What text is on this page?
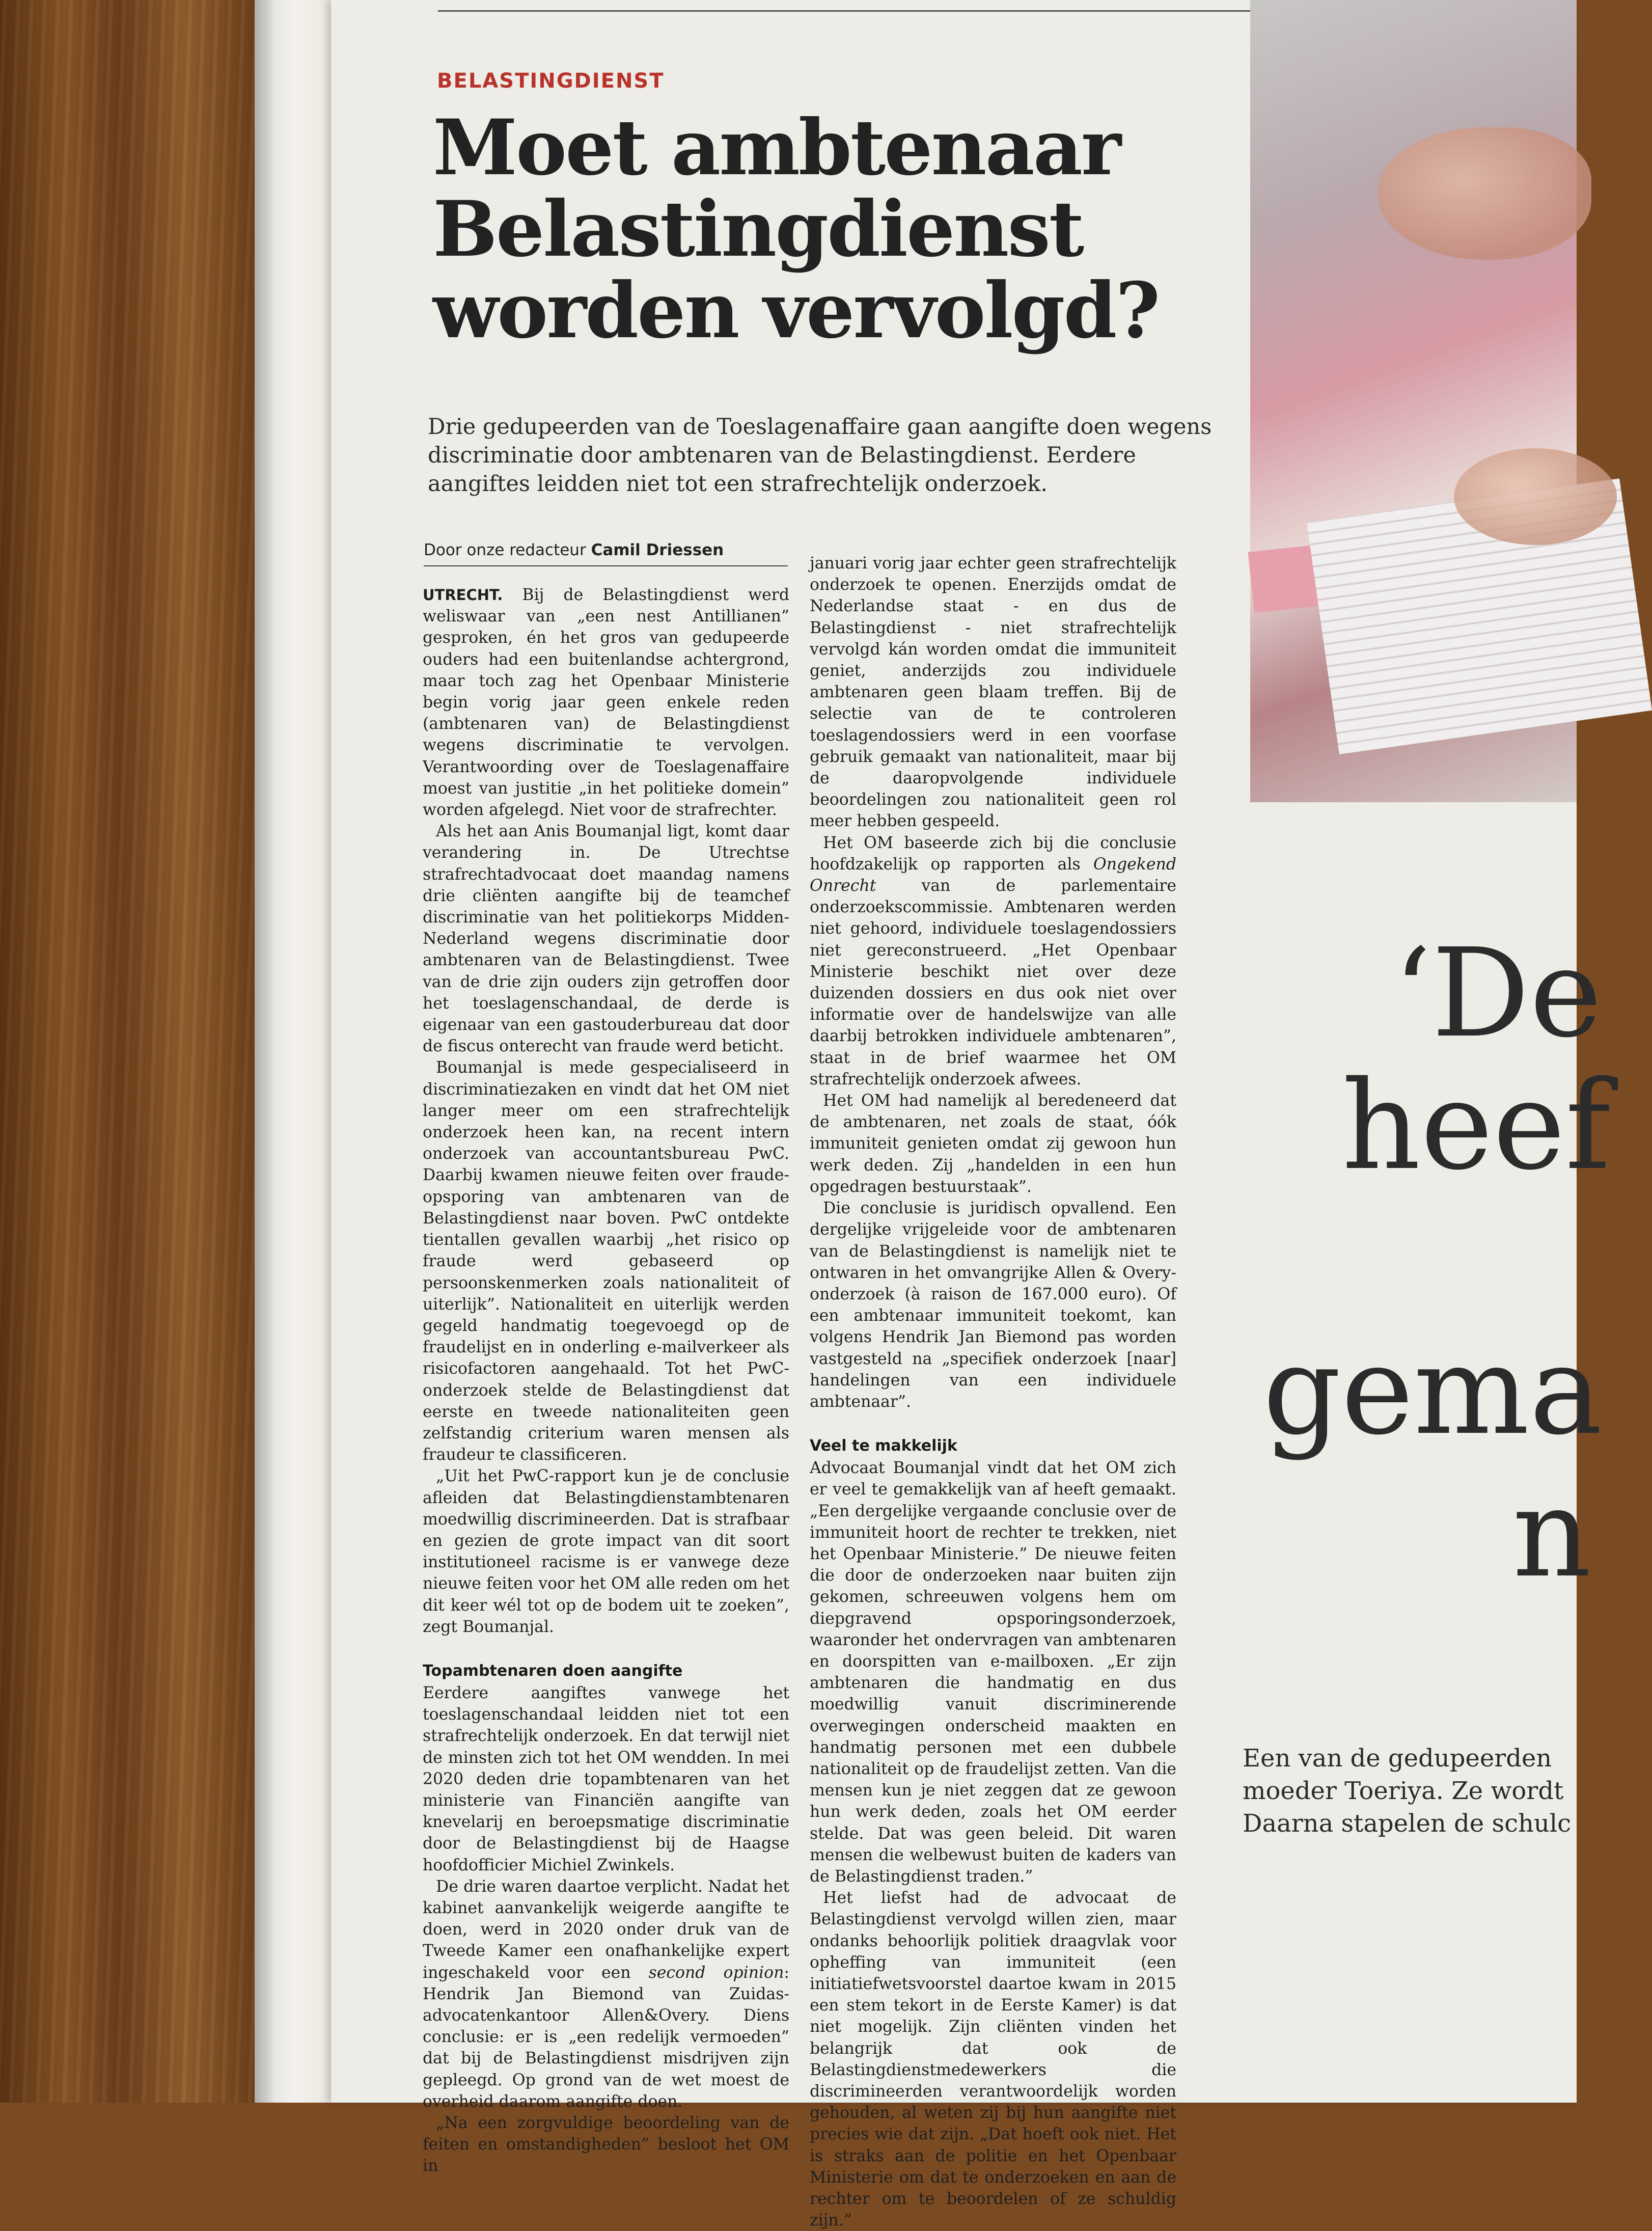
BELASTINGDIENST
Moet ambtenaar
Belastingdienst
worden vervolgd?
Drie gedupeerden van de Toeslagenaffaire gaan aangifte doen wegens
discriminatie door ambtenaren van de Belastingdienst. Eerdere
aangiftes leidden niet tot een strafrechtelijk onderzoek.
Door onze redacteur Camil Driessen

UTRECHT. Bij de Belastingdienst werd weliswaar van „een nest Antillianen” gesproken, én het gros van gedupeerde ouders had een buitenlandse achtergrond, maar toch zag het Openbaar Ministerie begin vorig jaar geen enkele reden (ambtenaren van) de Belastingdienst wegens discriminatie te vervolgen. Verantwoording over de Toeslagenaffaire moest van justitie „in het politieke domein” worden afgelegd. Niet voor de strafrechter.

Als het aan Anis Boumanjal ligt, komt daar verandering in. De Utrechtse strafrechtadvocaat doet maandag namens drie cliënten aangifte bij de teamchef discriminatie van het politiekorps Midden-Nederland wegens discriminatie door ambtenaren van de Belastingdienst. Twee van de drie zijn ouders zijn getroffen door het toeslagenschandaal, de derde is eigenaar van een gastouderbureau dat door de fiscus onterecht van fraude werd beticht.

Boumanjal is mede gespecialiseerd in discriminatiezaken en vindt dat het OM niet langer meer om een strafrechtelijk onderzoek heen kan, na recent intern onderzoek van accountantsbureau PwC. Daarbij kwamen nieuwe feiten over fraude-opsporing van ambtenaren van de Belastingdienst naar boven. PwC ontdekte tientallen gevallen waarbij „het risico op fraude werd gebaseerd op persoonskenmerken zoals nationaliteit of uiterlijk”. Nationaliteit en uiterlijk werden gegeld handmatig toegevoegd op de fraudelijst en in onderling e-mailverkeer als risicofactoren aangehaald. Tot het PwC-onderzoek stelde de Belastingdienst dat eerste en tweede nationaliteiten geen zelfstandig criterium waren mensen als fraudeur te classificeren.

„Uit het PwC-rapport kun je de conclusie afleiden dat Belastingdienstambtenaren moedwillig discrimineerden. Dat is strafbaar en gezien de grote impact van dit soort institutioneel racisme is er vanwege deze nieuwe feiten voor het OM alle reden om het dit keer wél tot op de bodem uit te zoeken”, zegt Boumanjal.

Topambtenaren doen aangifte

Eerdere aangiftes vanwege het toeslagenschandaal leidden niet tot een strafrechtelijk onderzoek. En dat terwijl niet de minsten zich tot het OM wendden. In mei 2020 deden drie topambtenaren van het ministerie van Financiën aangifte van knevelarij en beroepsmatige discriminatie door de Belastingdienst bij de Haagse hoofdofficier Michiel Zwinkels.

De drie waren daartoe verplicht. Nadat het kabinet aanvankelijk weigerde aangifte te doen, werd in 2020 onder druk van de Tweede Kamer een onafhankelijke expert ingeschakeld voor een second opinion: Hendrik Jan Biemond van Zuidas-advocatenkantoor Allen&Overy. Diens conclusie: er is „een redelijk vermoeden” dat bij de Belastingdienst misdrijven zijn gepleegd. Op grond van de wet moest de overheid daarom aangifte doen.

„Na een zorgvuldige beoordeling van de feiten en omstandigheden” besloot het OM in

januari vorig jaar echter geen strafrechtelijk onderzoek te openen. Enerzijds omdat de Nederlandse staat - en dus de Belastingdienst - niet strafrechtelijk vervolgd kán worden omdat die immuniteit geniet, anderzijds zou individuele ambtenaren geen blaam treffen. Bij de selectie van de te controleren toeslagendossiers werd in een voorfase gebruik gemaakt van nationaliteit, maar bij de daaropvolgende individuele beoordelingen zou nationaliteit geen rol meer hebben gespeeld.

Het OM baseerde zich bij die conclusie hoofdzakelijk op rapporten als Ongekend Onrecht van de parlementaire onderzoekscommissie. Ambtenaren werden niet gehoord, individuele toeslagendossiers niet gereconstrueerd. „Het Openbaar Ministerie beschikt niet over deze duizenden dossiers en dus ook niet over informatie over de handelswijze van alle daarbij betrokken individuele ambtenaren”, staat in de brief waarmee het OM strafrechtelijk onderzoek afwees.

Het OM had namelijk al beredeneerd dat de ambtenaren, net zoals de staat, óók immuniteit genieten omdat zij gewoon hun werk deden. Zij „handelden in een hun opgedragen bestuurstaak”.

Die conclusie is juridisch opvallend. Een dergelijke vrijgeleide voor de ambtenaren van de Belastingdienst is namelijk niet te ontwaren in het omvangrijke Allen & Overy-onderzoek (à raison de 167.000 euro). Of een ambtenaar immuniteit toekomt, kan volgens Hendrik Jan Biemond pas worden vastgesteld na „specifiek onderzoek [naar] handelingen van een individuele ambtenaar”.

Veel te makkelijk

Advocaat Boumanjal vindt dat het OM zich er veel te gemakkelijk van af heeft gemaakt. „Een dergelijke vergaande conclusie over de immuniteit hoort de rechter te trekken, niet het Openbaar Ministerie.” De nieuwe feiten die door de onderzoeken naar buiten zijn gekomen, schreeuwen volgens hem om diepgravend opsporingsonderzoek, waaronder het ondervragen van ambtenaren en doorspitten van e-mailboxen. „Er zijn ambtenaren die handmatig en dus moedwillig vanuit discriminerende overwegingen onderscheid maakten en handmatig personen met een dubbele nationaliteit op de fraudelijst zetten. Van die mensen kun je niet zeggen dat ze gewoon hun werk deden, zoals het OM eerder stelde. Dat was geen beleid. Dit waren mensen die welbewust buiten de kaders van de Belastingdienst traden.”

Het liefst had de advocaat de Belastingdienst vervolgd willen zien, maar ondanks behoorlijk politiek draagvlak voor opheffing van immuniteit (een initiatiefwetsvoorstel daartoe kwam in 2015 een stem tekort in de Eerste Kamer) is dat niet mogelijk. Zijn cliënten vinden het belangrijk dat ook de Belastingdienstmedewerkers die discrimineerden verantwoordelijk worden gehouden, al weten zij bij hun aangifte niet precies wie dat zijn. „Dat hoeft ook niet. Het is straks aan de politie en het Openbaar Ministerie om dat te onderzoeken en aan de rechter om te beoordelen of ze schuldig zijn.”

‘De
heef
gema
n
Een van de gedupeerden
moeder Toeriya. Ze wordt
Daarna stapelen de schulc
